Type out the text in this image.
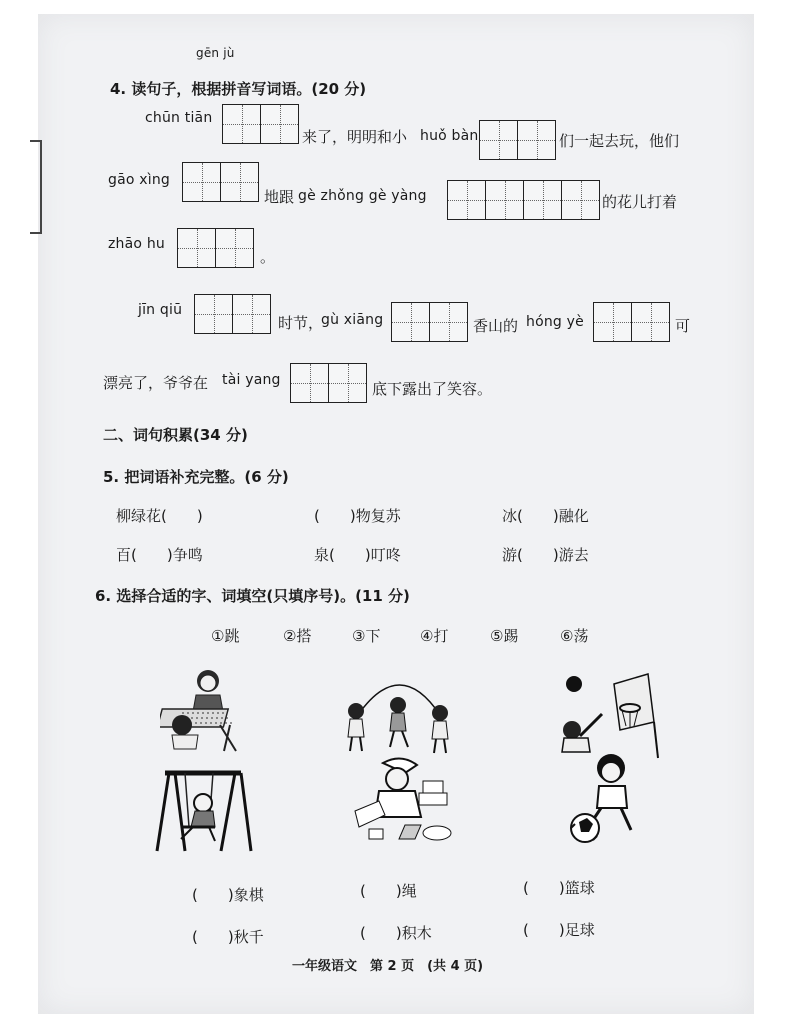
gēn jù
4. 读句子，根据拼音写词语。(20 分)
chūn tiān
来了，明明和小 huǒ bàn	们一起去玩，他们
gāo xìng
地跟 gè zhǒng gè yàng	的花儿打着
zhāo hu
。
jīn qiū
时节，
gù xiāng	香山的 hóng yè	可
漂亮了，爷爷在 tài yang	底下露出了笑容。
二、词句积累(34 分)
5. 把词语补充完整。(6 分)
柳绿花(　　)	(　　)物复苏	冰(　　)融化
百(　　)争鸣	泉(　　)叮咚	游(　　)游去
6. 选择合适的字、词填空(只填序号)。(11 分)
①跳	②搭	③下	④打	⑤踢	⑥荡
(　　)象棋	(　　)绳	(　　)篮球
(　　)秋千	(　　)积木	(　　)足球
一年级语文　第 2 页　(共 4 页)
